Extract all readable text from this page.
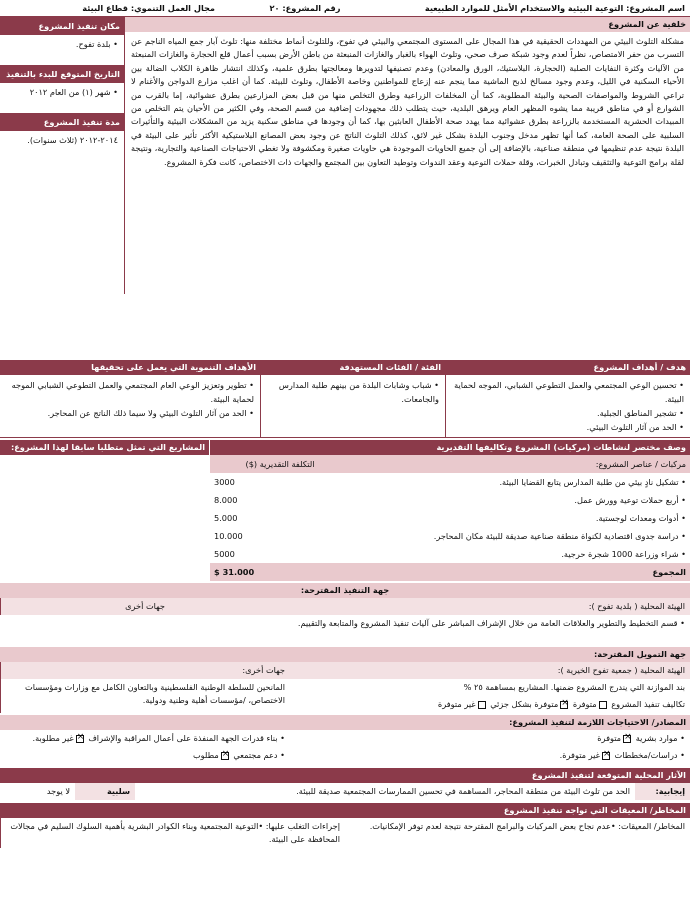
اسم المشروع: التوعية البيئية والاستخدام الأمثل للموارد الطبيعية
رقم المشروع: ٢٠
مجال العمل التنموي: قطاع البيئة
خلفية عن المشروع
مشكلة التلوث البيئي من المهددات الحقيقية في هذا المجال على المستوى المجتمعي والبيئي في تفوح، وللتلوث أنماط مختلفة منها: تلوث آبار جمع المياه الناجم عن التسرب من حفر الامتصاص، نظراً لعدم وجود شبكة صرف صحي، وتلوث الهواء بالغبار والغازات المنبعثة من باطن الأرض بسبب أعمال قلع الحجارة والغازات المنبعثة من الآليات وكثرة النفايات الصلبة (الحجارة، البلاستيك، الورق والمعادن) وعدم تصنيفها لتدويرها ومعالجتها بطرق علمية، وكذلك انتشار ظاهرة الكلاب الضالة بين الأحياء السكنية في الليل، وعدم وجود مسالخ لذبح الماشية مما ينجم عنه إزعاج للمواطنين وخاصة الأطفال، وتلوث للبيئة. كما أن اغلب مزارع الدواجن والأغنام لا تراعي الشروط والمواصفات الصحية والبيئة المطلوبة، كما أن المخلفات الزراعية وطرق التخلص منها من قبل بعض المزارعين بطرق عشوائية، إما بالقرب من الشوارع أو في مناطق قريبة مما يشوه المظهر العام ويرهق البلدية، حيث يتطلب ذلك مجهودات إضافية من قسم الصحة، وفي الكثير من الأحيان يتم التخلص من المبيدات الحشرية المستخدمة بالزراعة بطرق عشوائية مما يهدد صحة الأطفال العابثين بها، كما أن وجودها في مناطق سكنية يزيد من المشكلات البيئية والتأثيرات السلبية على الصحة العامة، كما أنها تظهر مدخل وجنوب البلدة بشكل غير لائق، كذلك التلوث الناتج عن وجود بعض المصانع البلاستيكية الأكثر تأثير على البيئة في البلدة نتيجة عدم تنظيمها في منطقة صناعية، بالإضافة إلى أن جميع الحاويات الموجودة هي حاويات صغيرة ومكشوفة ولا تغطي الاحتياجات الصناعية والتجارية، ونتيجة لقلة برامج التوعية والتثقيف وتبادل الخبرات، وقلة حملات التوعية وعقد الندوات وتوطيد التعاون بين المجتمع والجهات ذات الاختصاص، كانت فكرة المشروع.
مكان تنفيذ المشروع
• بلدة تفوح.
التاريخ المتوقع للبدء بالتنفيذ
• شهر (١) من العام ٢٠١٢
مدة تنفيذ المشروع
٢٠١٤-٢٠١٢ (ثلاث سنوات).
هدف / أهداف المشروع
• تحسين الوعي المجتمعي والعمل التطوعي الشبابي، الموجه لحماية البيئة.
• تشجير المناطق الجبلية.
• الحد من آثار التلوث البيئي.
الفئة / الفئات المستهدفة
• شباب وشابات البلدة من بينهم طلبة المدارس والجامعات.
الأهداف التنموية التي يعمل على تحقيقها
• تطوير وتعزيز الوعي العام المجتمعي والعمل التطوعي الشبابي الموجه لحماية البيئة.
• الحد من آثار التلوث البيئي ولا سيما ذلك الناتج عن المحاجر.
وصف مختصر لنشاطات (مركبات) المشروع وتكاليفها التقديرية
المشاريع التي تمثل متطلبا سابقا لهذا المشروع:
مركبات / عناصر المشروع:	التكلفة التقديرية ($)
• تشكيل نادٍ بيئي من طلبة المدارس يتابع القضايا البيئة.	3000
• أربع حملات توعية وورش عمل.	8.000
• أدوات ومعدات لوجستية.	5.000
• دراسة جدوى اقتصادية لكنواة منطقة صناعية صديقة للبيئة مكان المحاجر.	10.000
• شراء وزراعة 1000 شجرة حرجية.	5000
المجموع	31.000 $
جهة التنفيذ المقترحة:
الهيئة المحلية ( بلدية تفوح ):
جهات أخرى
• قسم التخطيط والتطوير والعلاقات العامة من خلال الإشراف المباشر على آليات تنفيذ المشروع والمتابعة والتقييم.
جهة التمويل المقترحة:
الهيئة المحلية ( جمعية تفوح الخيرية ):
بند الموازنة التي يندرج المشروع ضمنها. المشاريع بمساهمة ٢٥ %
تكاليف تنفيذ المشروع متوفرة ×متوفرة بشكل جزئي غير متوفرة
جهات أخرى:
المانحين للسلطة الوطنية الفلسطينية وبالتعاون الكامل مع وزارات ومؤسسات الاختصاص، /مؤسسات أهلية وطنية ودولية.
المصادر/ الاحتياجات اللازمة لتنفيذ المشروع:
• موارد بشرية ×متوفرة
• دراسات/مخططات ×غير متوفرة.
• بناء قدرات الجهة المنفذة على أعمال المراقبة والإشراف ×غير مطلوبة.
• دعم مجتمعي ×مطلوب
الآثار المحلية المتوقعة لتنفيذ المشروع
إيجابية:
الحد من تلوث البيئة من منطقة المحاجر، المساهمة في تحسين الممارسات المجتمعية صديقة للبيئة.
سلبية
لا يوجد
المخاطر/ المعيقات التي تواجه تنفيذ المشروع
المخاطر/ المعيقات: •عدم نجاح بعض المركبات والبرامج المقترحة نتيجة لعدم توفر الإمكانيات.
إجراءات التغلب عليها: •التوعية المجتمعية وبناء الكوادر البشرية بأهمية السلوك السليم في مجالات المحافظة على البيئة.
